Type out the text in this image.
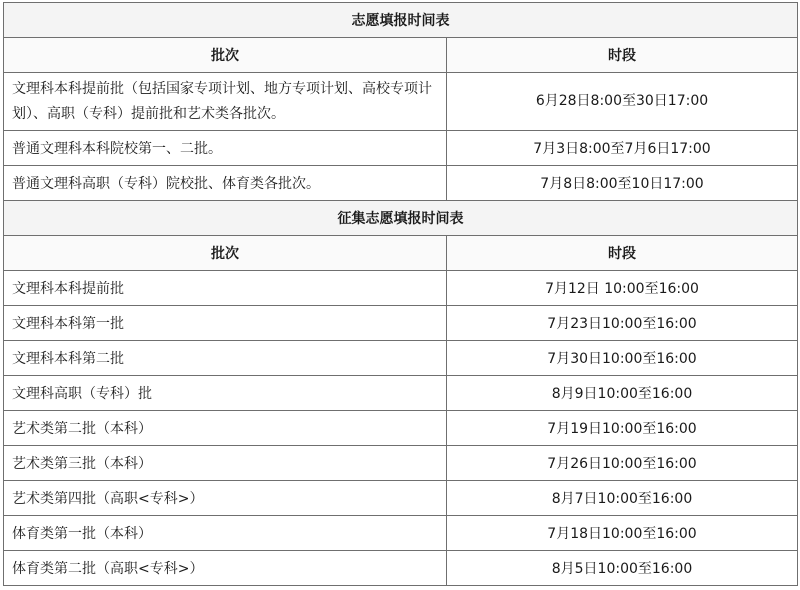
志愿填报时间表	
批次	时段
文理科本科提前批（包括国家专项计划、地方专项计划、高校专项计划）、高职（专科）提前批和艺术类各批次。	6月28日8:00至30日17:00
普通文理科本科院校第一、二批。	7月3日8:00至7月6日17:00
普通文理科高职（专科）院校批、体育类各批次。	7月8日8:00至10日17:00
征集志愿填报时间表	
批次	时段
文理科本科提前批	7月12日 10:00至16:00
文理科本科第一批	7月23日10:00至16:00
文理科本科第二批	7月30日10:00至16:00
文理科高职（专科）批	8月9日10:00至16:00
艺术类第二批（本科）	7月19日10:00至16:00
艺术类第三批（本科）	7月26日10:00至16:00
艺术类第四批（高职<专科>）	8月7日10:00至16:00
体育类第一批（本科）	7月18日10:00至16:00
体育类第二批（高职<专科>）	8月5日10:00至16:00
